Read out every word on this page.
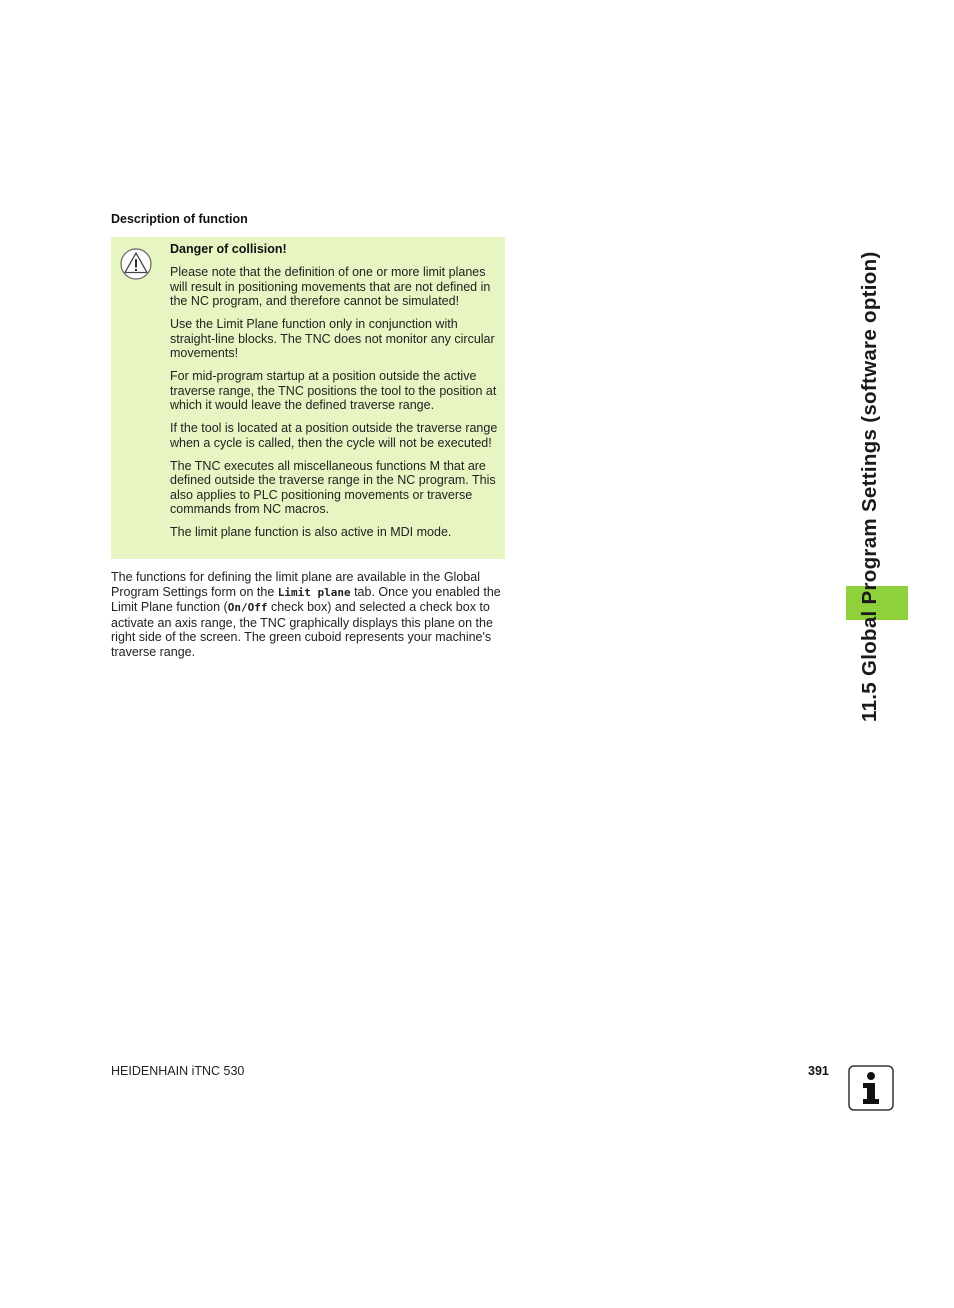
Description of function
Danger of collision!

Please note that the definition of one or more limit planes will result in positioning movements that are not defined in the NC program, and therefore cannot be simulated!

Use the Limit Plane function only in conjunction with straight-line blocks. The TNC does not monitor any circular movements!

For mid-program startup at a position outside the active traverse range, the TNC positions the tool to the position at which it would leave the defined traverse range.

If the tool is located at a position outside the traverse range when a cycle is called, then the cycle will not be executed!

The TNC executes all miscellaneous functions M that are defined outside the traverse range in the NC program. This also applies to PLC positioning movements or traverse commands from NC macros.

The limit plane function is also active in MDI mode.

The functions for defining the limit plane are available in the Global Program Settings form on the Limit plane tab. Once you enabled the Limit Plane function (On/Off check box) and selected a check box to activate an axis range, the TNC graphically displays this plane on the right side of the screen. The green cuboid represents your machine's traverse range.	11.5 Global Program Settings (software option)
HEIDENHAIN iTNC 530	391
